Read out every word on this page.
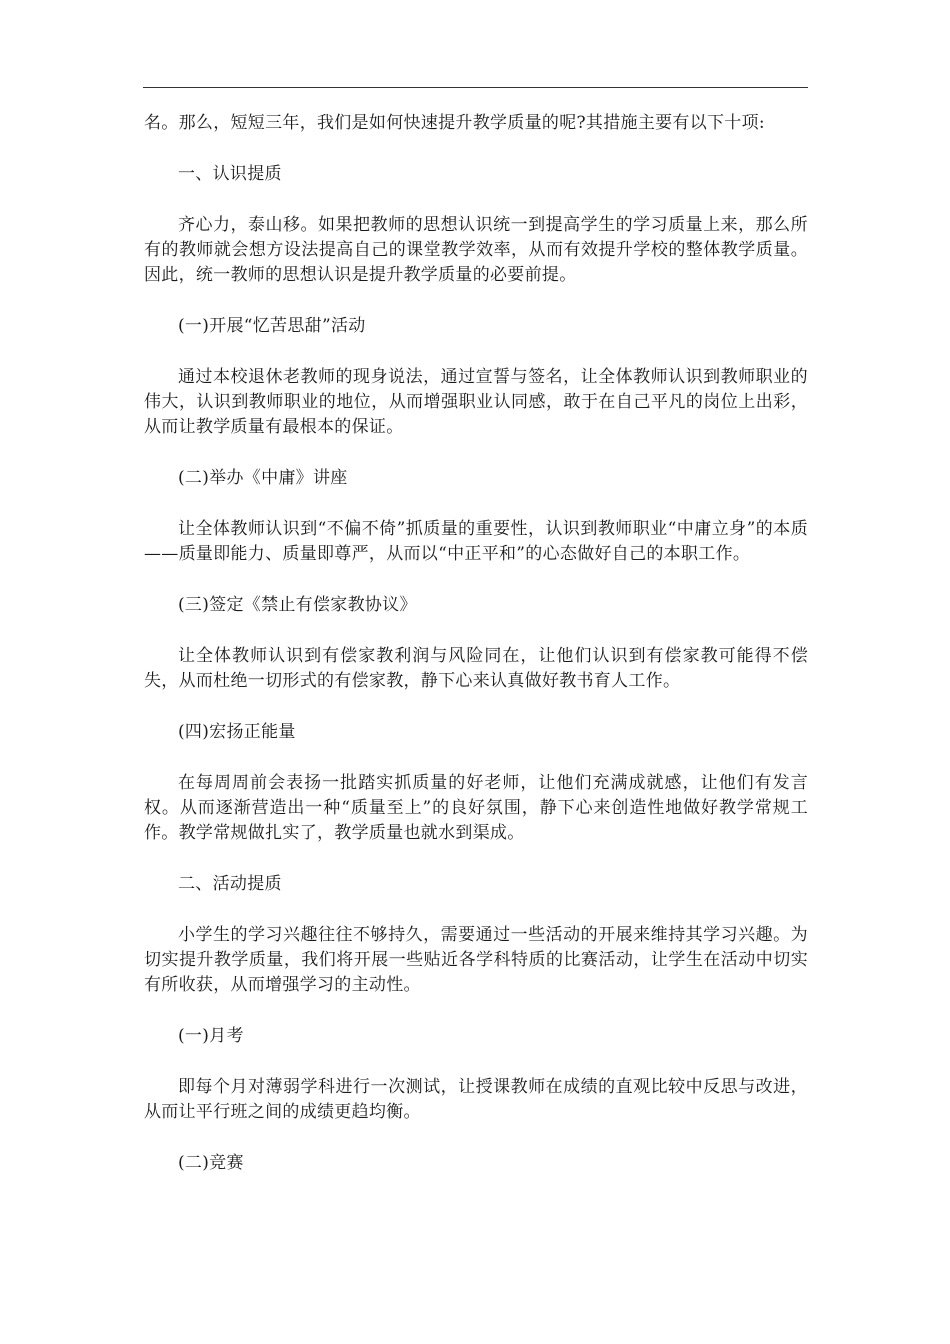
名。那么，短短三年，我们是如何快速提升教学质量的呢?其措施主要有以下十项:

一、认识提质

齐心力，泰山移。如果把教师的思想认识统一到提高学生的学习质量上来，那么所有的教师就会想方设法提高自己的课堂教学效率，从而有效提升学校的整体教学质量。因此，统一教师的思想认识是提升教学质量的必要前提。

(一)开展“忆苦思甜”活动

通过本校退休老教师的现身说法，通过宣誓与签名，让全体教师认识到教师职业的伟大，认识到教师职业的地位，从而增强职业认同感，敢于在自己平凡的岗位上出彩，从而让教学质量有最根本的保证。

(二)举办《中庸》讲座

让全体教师认识到“不偏不倚”抓质量的重要性，认识到教师职业“中庸立身”的本质——质量即能力、质量即尊严，从而以“中正平和”的心态做好自己的本职工作。

(三)签定《禁止有偿家教协议》

让全体教师认识到有偿家教利润与风险同在，让他们认识到有偿家教可能得不偿失，从而杜绝一切形式的有偿家教，静下心来认真做好教书育人工作。

(四)宏扬正能量

在每周周前会表扬一批踏实抓质量的好老师，让他们充满成就感，让他们有发言权。从而逐渐营造出一种“质量至上”的良好氛围，静下心来创造性地做好教学常规工作。教学常规做扎实了，教学质量也就水到渠成。

二、活动提质

小学生的学习兴趣往往不够持久，需要通过一些活动的开展来维持其学习兴趣。为切实提升教学质量，我们将开展一些贴近各学科特质的比赛活动，让学生在活动中切实有所收获，从而增强学习的主动性。

(一)月考

即每个月对薄弱学科进行一次测试，让授课教师在成绩的直观比较中反思与改进，从而让平行班之间的成绩更趋均衡。

(二)竞赛
